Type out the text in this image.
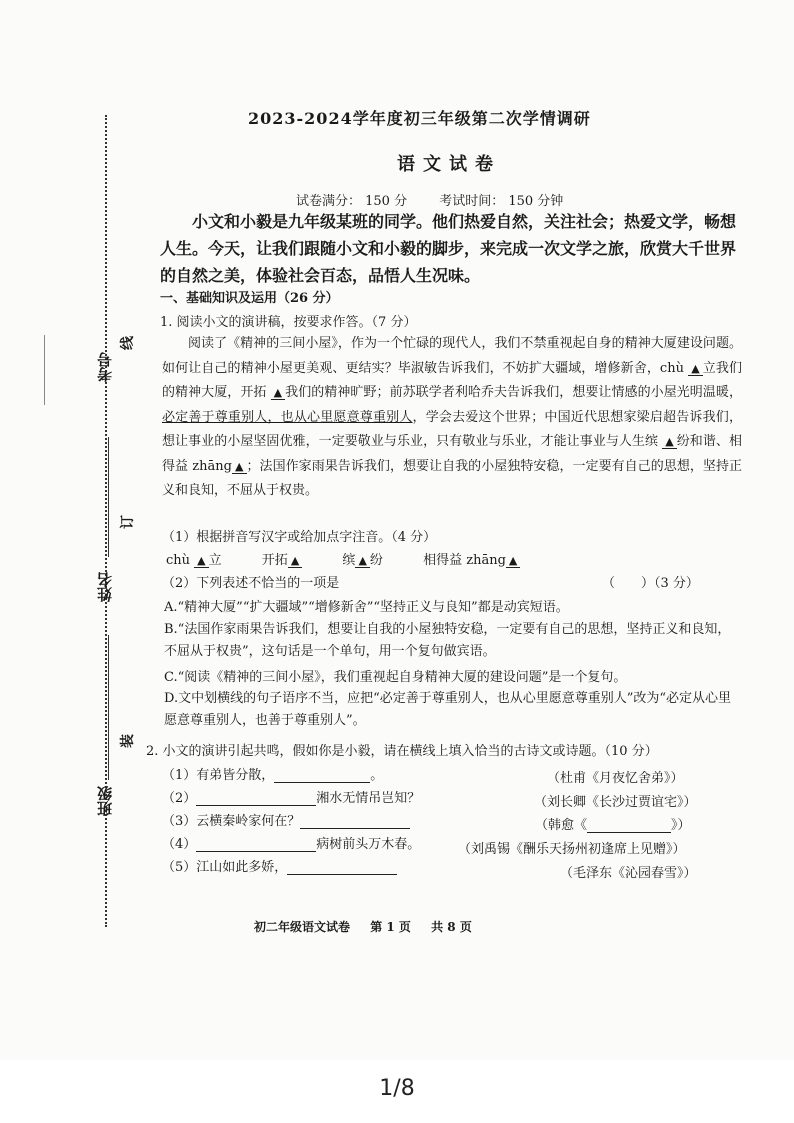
线
订
装
考号
姓名
班级
2023-2024学年度初三年级第二次学情调研
语文试卷
试卷满分： 150 分 考试时间： 150 分钟
小文和小毅是九年级某班的同学。他们热爱自然，关注社会；热爱文学，畅想人生。今天，让我们跟随小文和小毅的脚步，来完成一次文学之旅，欣赏大千世界的自然之美，体验社会百态，品悟人生况味。
一、基础知识及运用（26 分）
1. 阅读小文的演讲稿，按要求作答。（7 分）
阅读了《精神的三间小屋》，作为一个忙碌的现代人，我们不禁重视起自身的精神大厦建设问题。如何让自己的精神小屋更美观、更结实？毕淑敏告诉我们，不妨扩大疆域，增修新舍，chù ▲ 立我们的精神大厦，开拓 ▲ 我们的精神旷野；前苏联学者利哈乔夫告诉我们，想要让情感的小屋光明温暖，必定善于尊重别人，也从心里愿意尊重别人，学会去爱这个世界；中国近代思想家梁启超告诉我们，想让事业的小屋坚固优雅，一定要敬业与乐业，只有敬业与乐业，才能让事业与人生缤 ▲ 纷和谐、相得益 zhāng ▲ ；法国作家雨果告诉我们，想要让自我的小屋独特安稳，一定要有自己的思想，坚持正义和良知，不屈从于权贵。
（1）根据拼音写汉字或给加点字注音。（4 分）
chù ▲ 立	开拓 ▲	缤 ▲ 纷	相得益 zhāng ▲
（2）下列表述不恰当的一项是	（　　）（3 分）
A.“精神大厦”“扩大疆域”“增修新舍”“坚持正义与良知”都是动宾短语。
B.“法国作家雨果告诉我们，想要让自我的小屋独特安稳，一定要有自己的思想，坚持正义和良知，不屈从于权贵”，这句话是一个单句，用一个复句做宾语。
C.“阅读《精神的三间小屋》，我们重视起自身精神大厦的建设问题”是一个复句。
D.文中划横线的句子语序不当，应把“必定善于尊重别人，也从心里愿意尊重别人”改为“必定从心里愿意尊重别人，也善于尊重别人”。
2. 小文的演讲引起共鸣，假如你是小毅，请在横线上填入恰当的古诗文或诗题。（10 分）
（1）有弟皆分散，	。	（杜甫《月夜忆舍弟》）
（2）	湘水无情吊岂知？	（刘长卿《长沙过贾谊宅》）
（3）云横秦岭家何在？	（韩愈《	》）
（4）	病树前头万木春。	（刘禹锡《酬乐天扬州初逢席上见赠》）
（5）江山如此多娇，	（毛泽东《沁园春雪》）
初二年级语文试卷 第 1 页 共 8 页
1/8
